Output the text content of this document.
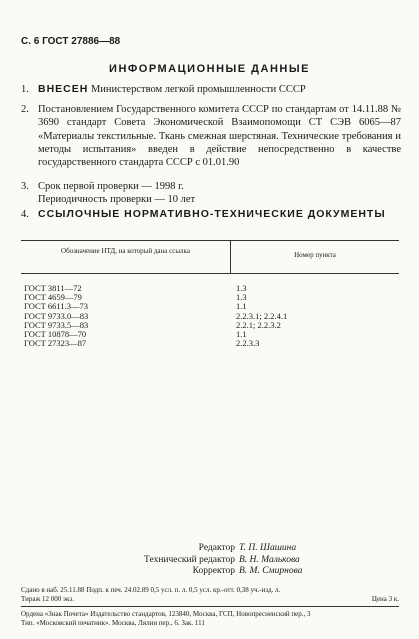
С. 6 ГОСТ 27886—88
ИНФОРМАЦИОННЫЕ ДАННЫЕ
1. ВНЕСЕН Министерством легкой промышленности СССР
2. Постановлением Государственного комитета СССР по стандартам от 14.11.88 № 3690 стандарт Совета Экономической Взаимопомощи СТ СЭВ 6065—87 «Материалы текстильные. Ткань смежная шерстяная. Технические требования и методы испытания» введен в действие непосредственно в качестве государственного стандарта СССР с 01.01.90

3. Срок первой проверки — 1998 г.

Периодичность проверки — 10 лет

4. ССЫЛОЧНЫЕ НОРМАТИВНО-ТЕХНИЧЕСКИЕ ДОКУМЕНТЫ
Обозначение НТД, на который дана ссылка	Номер пункта
ГОСТ 3811—72	1.3
ГОСТ 4659—79	1.3
ГОСТ 6611.3—73	1.1
ГОСТ 9733.0—83	2.2.3.1; 2.2.4.1
ГОСТ 9733.5—83	2.2.1; 2.2.3.2
ГОСТ 10878—70	1.1
ГОСТ 27323—87	2.2.3.3
Редактор Т. П. Шашина
Технический редактор В. Н. Малькова
Корректор В. М. Смирнова
Сдано в наб. 25.11.88 Подп. к печ. 24.02.89 0,5 усл. п. л. 0,5 усл. кр.-отт. 0,38 уч.-изд. л.
Тираж 12 000 экз.	Цена 3 к.
Ордена «Знак Почета» Издательство стандартов, 123840, Москва, ГСП, Новопресненский пер., 3
Тип. «Московский печатник». Москва, Лялин пер., 6. Зак. 111
